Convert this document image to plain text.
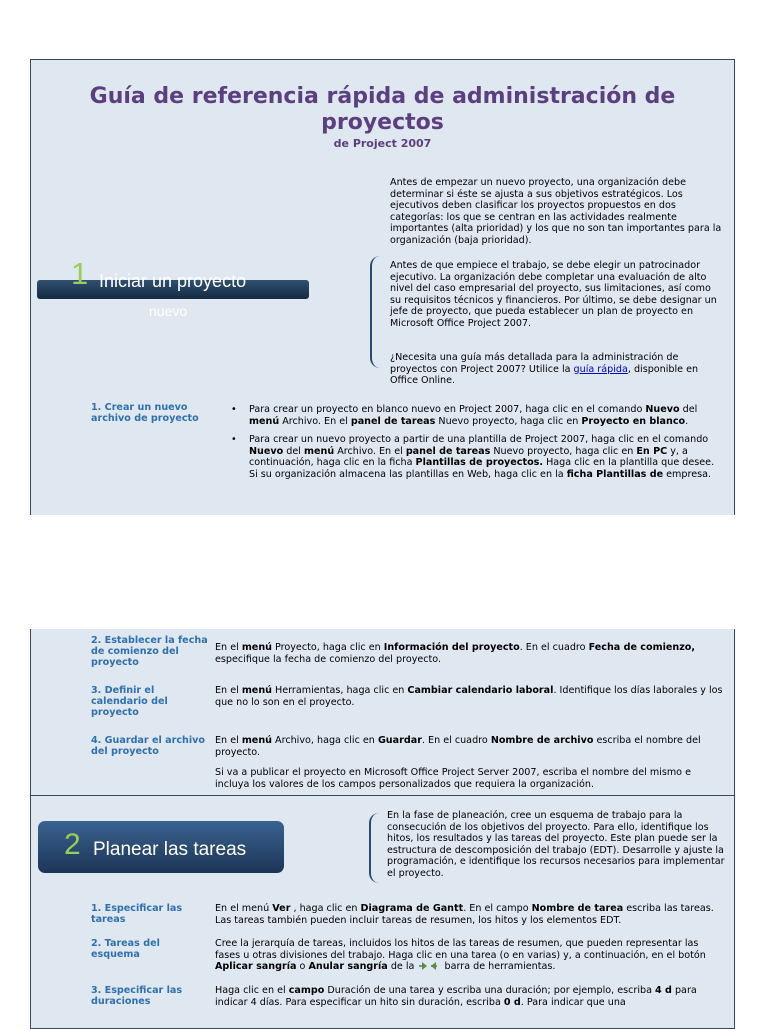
Guía de referencia rápida de administración de proyectos
de Project 2007
Antes de empezar un nuevo proyecto, una organización debe determinar si éste se ajusta a sus objetivos estratégicos. Los ejecutivos deben clasificar los proyectos propuestos en dos categorías: los que se centran en las actividades realmente importantes (alta prioridad) y los que no son tan importantes para la organización (baja prioridad).
Antes de que empiece el trabajo, se debe elegir un patrocinador ejecutivo. La organización debe completar una evaluación de alto nivel del caso empresarial del proyecto, sus limitaciones, así como su requisitos técnicos y financieros. Por último, se debe designar un jefe de proyecto, que pueda establecer un plan de proyecto en Microsoft Office Project 2007.
¿Necesita una guía más detallada para la administración de proyectos con Project 2007? Utilice la guía rápida, disponible en Office Online.
1 Iniciar un proyecto
nuevo
1. Crear un nuevo archivo de proyecto
• Para crear un proyecto en blanco nuevo en Project 2007, haga clic en el comando Nuevo del menú Archivo. En el panel de tareas Nuevo proyecto, haga clic en Proyecto en blanco.
• Para crear un nuevo proyecto a partir de una plantilla de Project 2007, haga clic en el comando Nuevo del menú Archivo. En el panel de tareas Nuevo proyecto, haga clic en En PC y, a continuación, haga clic en la ficha Plantillas de proyectos. Haga clic en la plantilla que desee. Si su organización almacena las plantillas en Web, haga clic en la ficha Plantillas de empresa.
2. Establecer la fecha de comienzo del proyecto
En el menú Proyecto, haga clic en Información del proyecto. En el cuadro Fecha de comienzo, especifique la fecha de comienzo del proyecto.
3. Definir el calendario del proyecto
En el menú Herramientas, haga clic en Cambiar calendario laboral. Identifique los días laborales y los que no lo son en el proyecto.
4. Guardar el archivo del proyecto
En el menú Archivo, haga clic en Guardar. En el cuadro Nombre de archivo escriba el nombre del proyecto.
Si va a publicar el proyecto en Microsoft Office Project Server 2007, escriba el nombre del mismo e incluya los valores de los campos personalizados que requiera la organización.
2 Planear las tareas
En la fase de planeación, cree un esquema de trabajo para la consecución de los objetivos del proyecto. Para ello, identifique los hitos, los resultados y las tareas del proyecto. Este plan puede ser la estructura de descomposición del trabajo (EDT). Desarrolle y ajuste la programación, e identifique los recursos necesarios para implementar el proyecto.
1. Especificar las tareas
En el menú Ver , haga clic en Diagrama de Gantt. En el campo Nombre de tarea escriba las tareas. Las tareas también pueden incluir tareas de resumen, los hitos y los elementos EDT.
2. Tareas del esquema
Cree la jerarquía de tareas, incluidos los hitos de las tareas de resumen, que pueden representar las fases u otras divisiones del trabajo. Haga clic en una tarea (o en varias) y, a continuación, en el botón Aplicar sangría o Anular sangría de la	barra de herramientas.
3. Especificar las duraciones
Haga clic en el campo Duración de una tarea y escriba una duración; por ejemplo, escriba 4 d para indicar 4 días. Para especificar un hito sin duración, escriba 0 d. Para indicar que una
